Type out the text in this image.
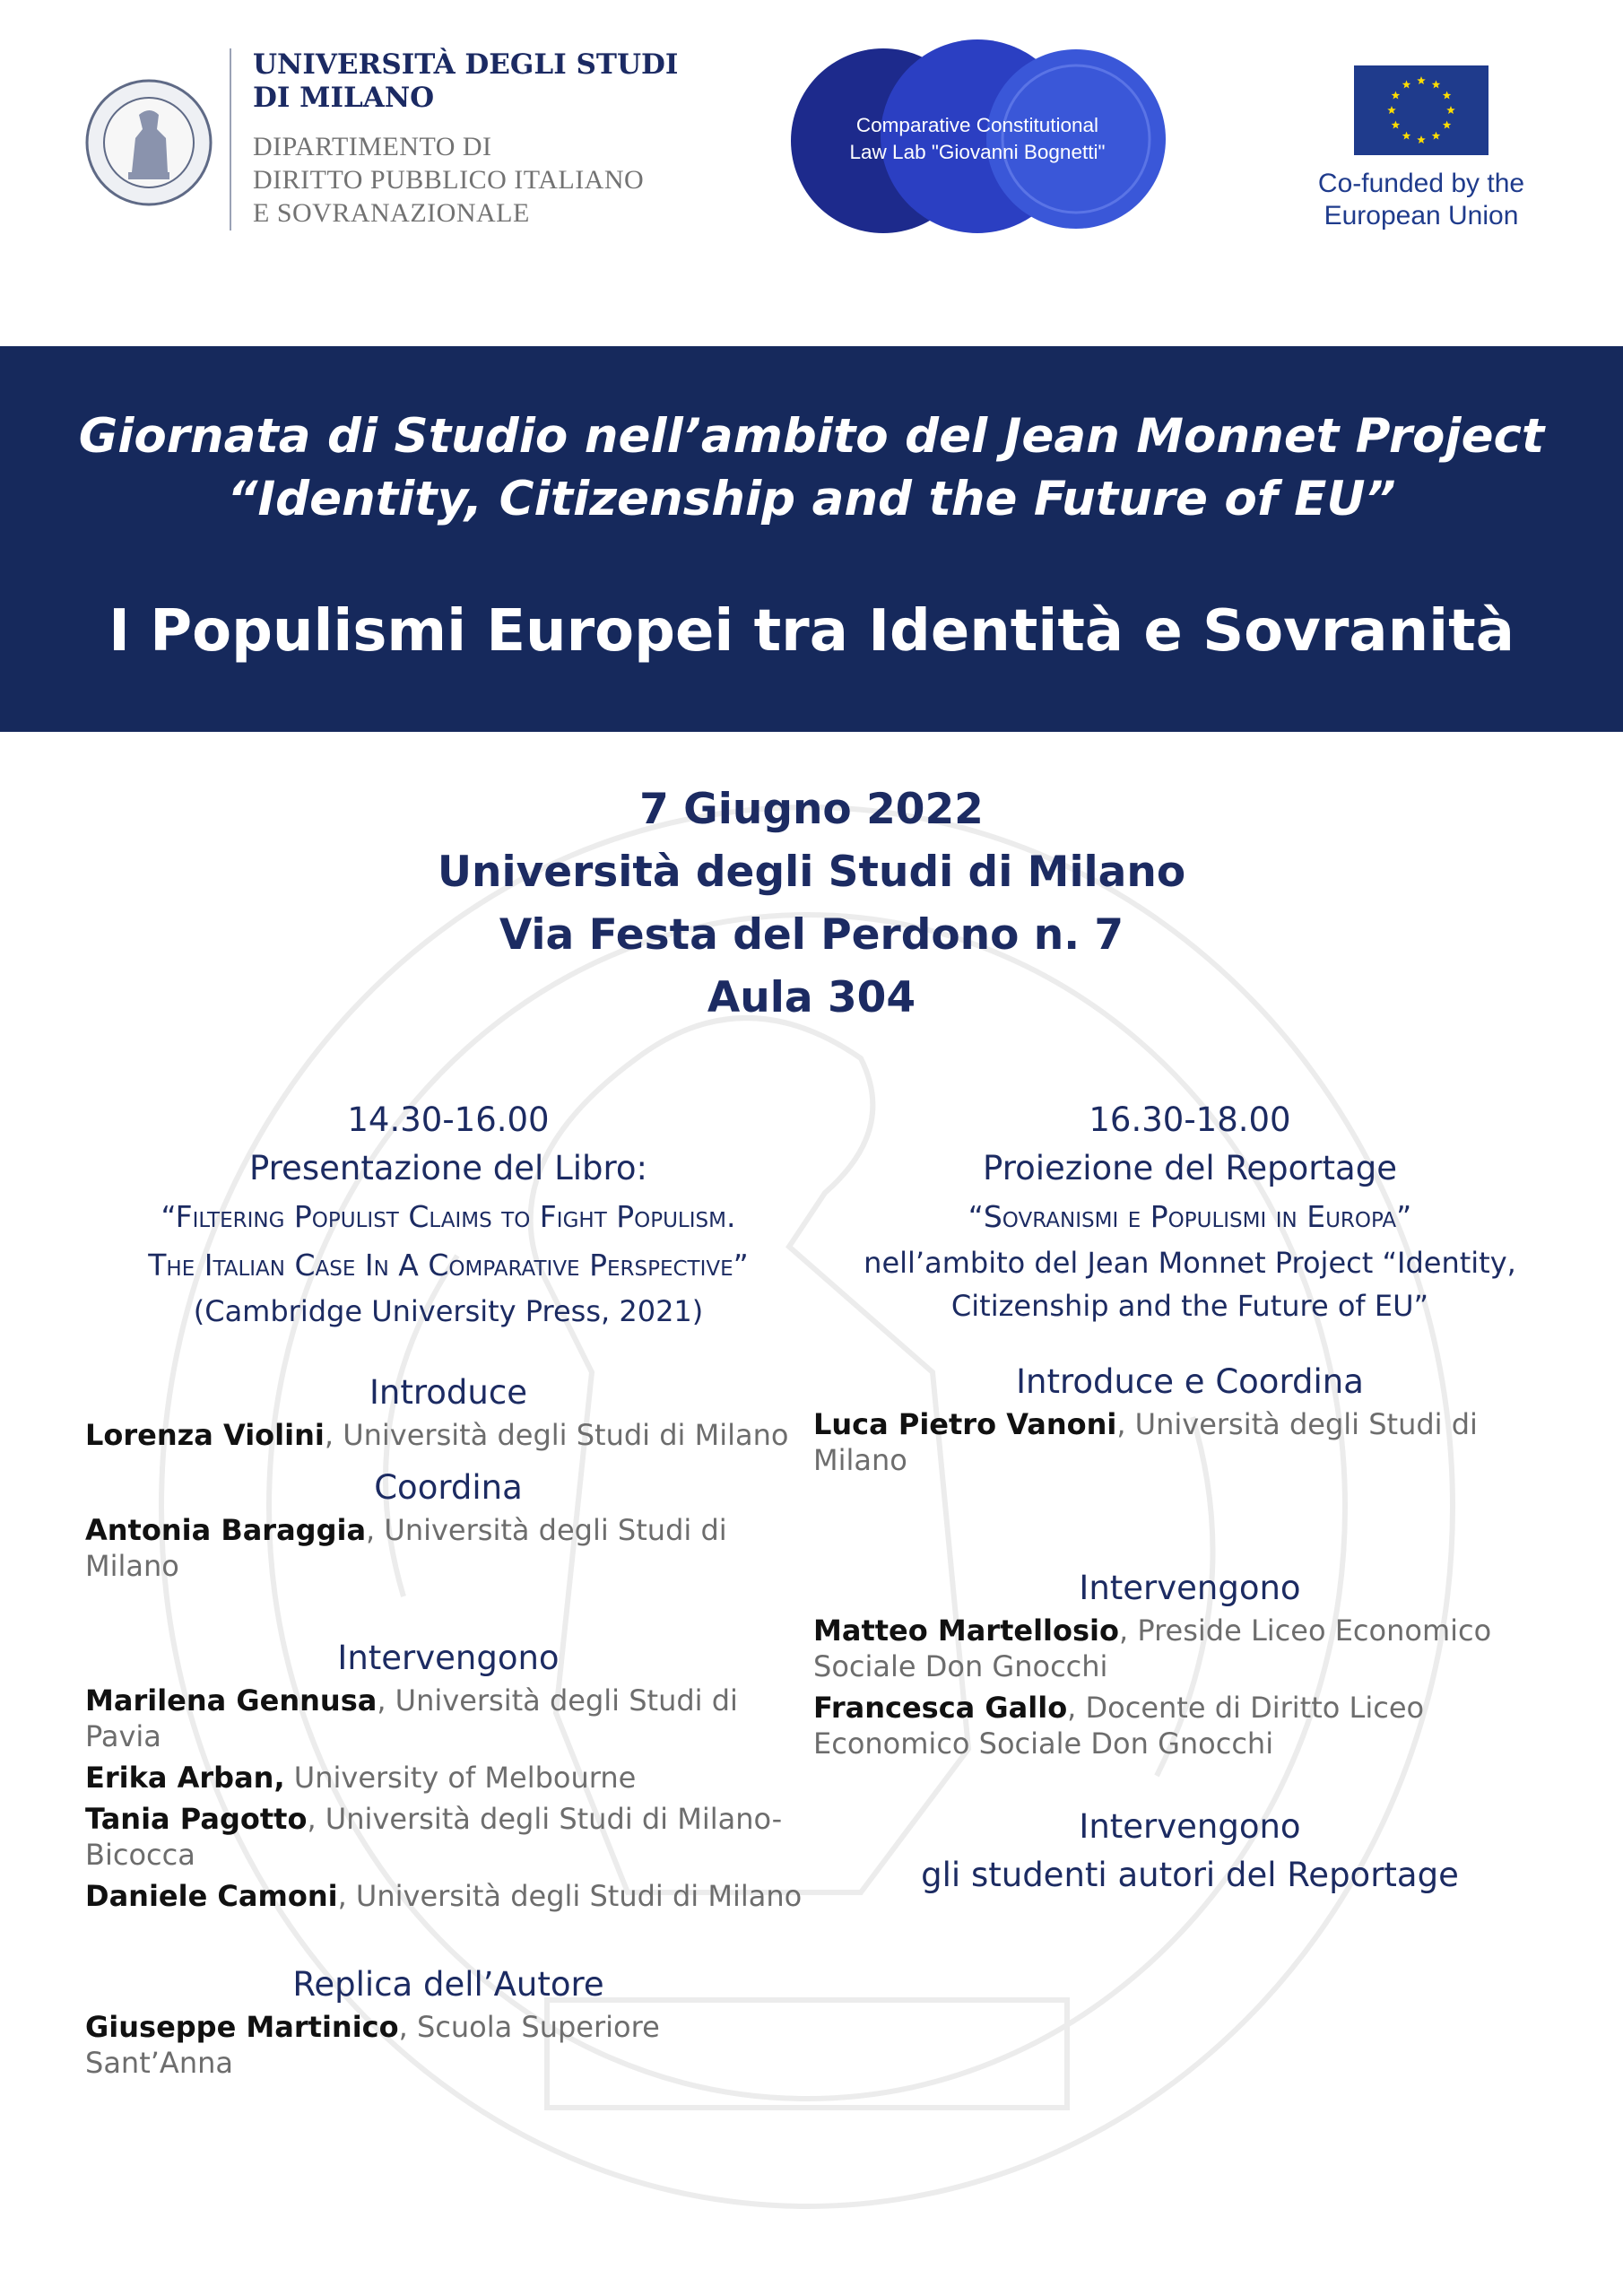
UNIVERSITÀ DEGLI STUDI
DI MILANO
DIPARTIMENTO DI
DIRITTO PUBBLICO ITALIANO
E SOVRANAZIONALE
Comparative Constitutional
Law Lab "Giovanni Bognetti"
Co-funded by the
European Union
Giornata di Studio nell’ambito del Jean Monnet Project
“Identity, Citizenship and the Future of EU”
I Populismi Europei tra Identità e Sovranità
7 Giugno 2022
Università degli Studi di Milano
Via Festa del Perdono n. 7
Aula 304
14.30-16.00
Presentazione del Libro:
“Filtering Populist Claims to Fight Populism.
The Italian Case In A Comparative Perspective”
(Cambridge University Press, 2021)
Introduce
Lorenza Violini, Università degli Studi di Milano
Coordina
Antonia Baraggia, Università degli Studi di Milano
Intervengono
Marilena Gennusa, Università degli Studi di Pavia
Erika Arban, University of Melbourne
Tania Pagotto, Università degli Studi di Milano-Bicocca
Daniele Camoni, Università degli Studi di Milano
Replica dell’Autore
Giuseppe Martinico, Scuola Superiore Sant’Anna
16.30-18.00
Proiezione del Reportage
“Sovranismi e Populismi in Europa”
nell’ambito del Jean Monnet Project “Identity,
Citizenship and the Future of EU”
Introduce e Coordina
Luca Pietro Vanoni, Università degli Studi di Milano
Intervengono
Matteo Martellosio, Preside Liceo Economico Sociale Don Gnocchi
Francesca Gallo, Docente di Diritto Liceo Economico Sociale Don Gnocchi
Intervengono
gli studenti autori del Reportage
